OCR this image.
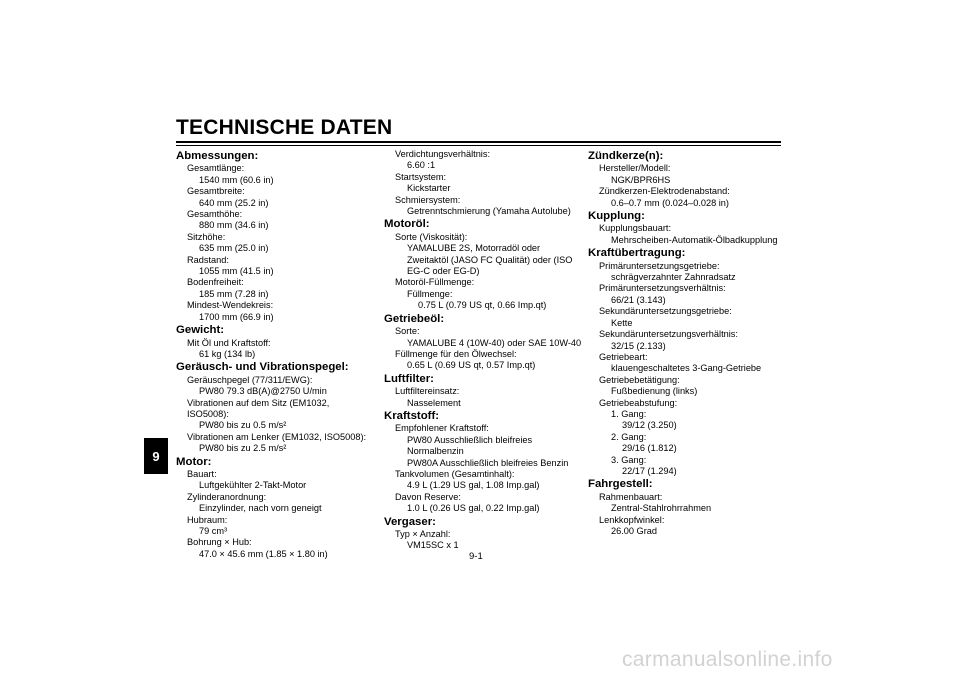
TECHNISCHE DATEN
9
Abmessungen:
Gesamtlänge:
1540 mm (60.6 in)
Gesamtbreite:
640 mm (25.2 in)
Gesamthöhe:
880 mm (34.6 in)
Sitzhöhe:
635 mm (25.0 in)
Radstand:
1055 mm (41.5 in)
Bodenfreiheit:
185 mm (7.28 in)
Mindest-Wendekreis:
1700 mm (66.9 in)
Gewicht:
Mit Öl und Kraftstoff:
61 kg (134 lb)
Geräusch- und Vibrationspegel:
Geräuschpegel (77/311/EWG):
PW80 79.3 dB(A)@2750 U/min
Vibrationen auf dem Sitz (EM1032, ISO5008):
PW80 bis zu 0.5 m/s²
Vibrationen am Lenker (EM1032, ISO5008):
PW80 bis zu 2.5 m/s²
Motor:
Bauart:
Luftgekühlter 2-Takt-Motor
Zylinderanordnung:
Einzylinder, nach vorn geneigt
Hubraum:
79 cm³
Bohrung × Hub:
47.0 × 45.6 mm (1.85 × 1.80 in)
Verdichtungsverhältnis:
6.60 :1
Startsystem:
Kickstarter
Schmiersystem:
Getrenntschmierung (Yamaha Autolube)
Motoröl:
Sorte (Viskosität):
YAMALUBE 2S, Motorradöl oder
Zweitaktöl (JASO FC Qualität) oder (ISO
EG-C oder EG-D)
Motoröl-Füllmenge:
Füllmenge:
0.75 L (0.79 US qt, 0.66 Imp.qt)
Getriebeöl:
Sorte:
YAMALUBE 4 (10W-40) oder SAE 10W-40
Füllmenge für den Ölwechsel:
0.65 L (0.69 US qt, 0.57 Imp.qt)
Luftfilter:
Luftfiltereinsatz:
Nasselement
Kraftstoff:
Empfohlener Kraftstoff:
PW80 Ausschließlich bleifreies
Normalbenzin
PW80A Ausschließlich bleifreies Benzin
Tankvolumen (Gesamtinhalt):
4.9 L (1.29 US gal, 1.08 Imp.gal)
Davon Reserve:
1.0 L (0.26 US gal, 0.22 Imp.gal)
Vergaser:
Typ × Anzahl:
VM15SC x 1
Zündkerze(n):
Hersteller/Modell:
NGK/BPR6HS
Zündkerzen-Elektrodenabstand:
0.6–0.7 mm (0.024–0.028 in)
Kupplung:
Kupplungsbauart:
Mehrscheiben-Automatik-Ölbadkupplung
Kraftübertragung:
Primäruntersetzungsgetriebe:
schrägverzahnter Zahnradsatz
Primäruntersetzungsverhältnis:
66/21 (3.143)
Sekundäruntersetzungsgetriebe:
Kette
Sekundäruntersetzungsverhältnis:
32/15 (2.133)
Getriebeart:
klauengeschaltetes 3-Gang-Getriebe
Getriebebetätigung:
Fußbedienung (links)
Getriebeabstufung:
1. Gang:
39/12 (3.250)
2. Gang:
29/16 (1.812)
3. Gang:
22/17 (1.294)
Fahrgestell:
Rahmenbauart:
Zentral-Stahlrohrrahmen
Lenkkopfwinkel:
26.00 Grad
9-1
carmanualsonline.info
